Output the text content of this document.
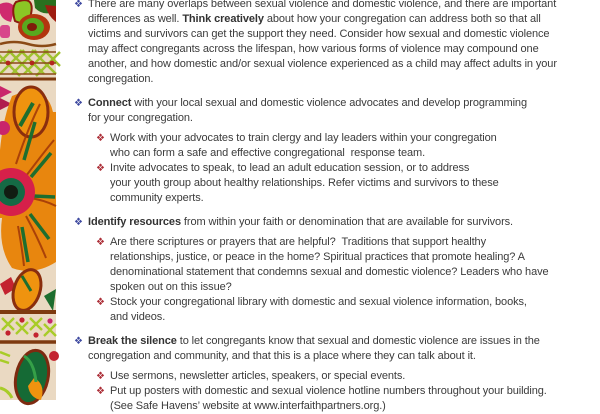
❖ There are many overlaps between sexual violence and domestic violence, and there are important
differences as well. Think creatively about how your congregation can address both so that all
victims and survivors can get the support they need. Consider how sexual and domestic violence
may affect congregants across the lifespan, how various forms of violence may compound one
another, and how domestic and/or sexual violence experienced as a child may affect adults in your
congregation.
❖ Connect with your local sexual and domestic violence advocates and develop programming
for your congregation.
❖ Work with your advocates to train clergy and lay leaders within your congregation
who can form a safe and effective congregational  response team.
❖ Invite advocates to speak, to lead an adult education session, or to address
your youth group about healthy relationships. Refer victims and survivors to these
community experts.
❖ Identify resources from within your faith or denomination that are available for survivors.
❖ Are there scriptures or prayers that are helpful?  Traditions that support healthy
relationships, justice, or peace in the home? Spiritual practices that promote healing? A
denominational statement that condemns sexual and domestic violence? Leaders who have
spoken out on this issue?
❖ Stock your congregational library with domestic and sexual violence information, books,
and videos.
❖ Break the silence to let congregants know that sexual and domestic violence are issues in the
congregation and community, and that this is a place where they can talk about it.
❖ Use sermons, newsletter articles, speakers, or special events.
❖ Put up posters with domestic and sexual violence hotline numbers throughout your building.
(See Safe Havens’ website at www.interfaithpartners.org.)
